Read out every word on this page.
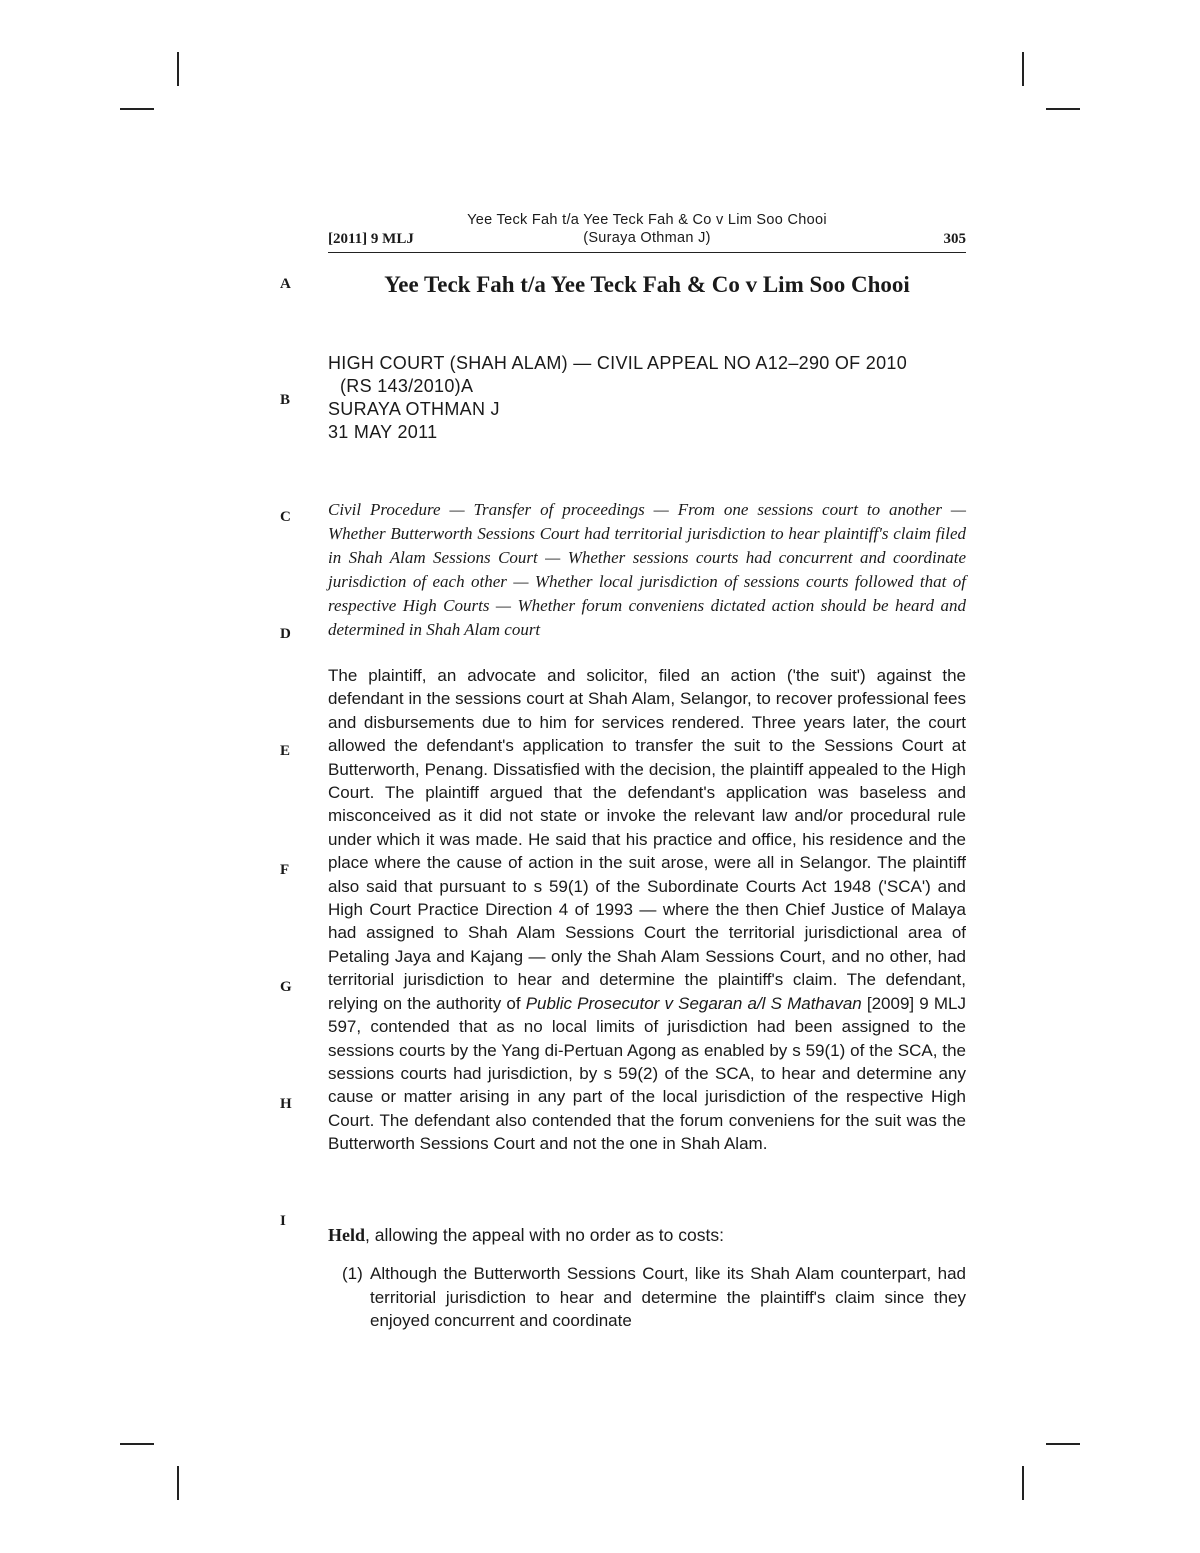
[2011] 9 MLJ
Yee Teck Fah t/a Yee Teck Fah & Co v Lim Soo Chooi
(Suraya Othman J)	305
A
B
C
D
E
F
G
H
I
Yee Teck Fah t/a Yee Teck Fah & Co v Lim Soo Chooi
HIGH COURT (SHAH ALAM) — CIVIL APPEAL NO A12–290 OF 2010
(RS 143/2010)A
SURAYA OTHMAN J
31 MAY 2011
Civil Procedure — Transfer of proceedings — From one sessions court to another — Whether Butterworth Sessions Court had territorial jurisdiction to hear plaintiff's claim filed in Shah Alam Sessions Court — Whether sessions courts had concurrent and coordinate jurisdiction of each other — Whether local jurisdiction of sessions courts followed that of respective High Courts — Whether forum conveniens dictated action should be heard and determined in Shah Alam court
The plaintiff, an advocate and solicitor, filed an action ('the suit') against the defendant in the sessions court at Shah Alam, Selangor, to recover professional fees and disbursements due to him for services rendered. Three years later, the court allowed the defendant's application to transfer the suit to the Sessions Court at Butterworth, Penang. Dissatisfied with the decision, the plaintiff appealed to the High Court. The plaintiff argued that the defendant's application was baseless and misconceived as it did not state or invoke the relevant law and/or procedural rule under which it was made. He said that his practice and office, his residence and the place where the cause of action in the suit arose, were all in Selangor. The plaintiff also said that pursuant to s 59(1) of the Subordinate Courts Act 1948 ('SCA') and High Court Practice Direction 4 of 1993 — where the then Chief Justice of Malaya had assigned to Shah Alam Sessions Court the territorial jurisdictional area of Petaling Jaya and Kajang — only the Shah Alam Sessions Court, and no other, had territorial jurisdiction to hear and determine the plaintiff's claim. The defendant, relying on the authority of Public Prosecutor v Segaran a/l S Mathavan [2009] 9 MLJ 597, contended that as no local limits of jurisdiction had been assigned to the sessions courts by the Yang di-Pertuan Agong as enabled by s 59(1) of the SCA, the sessions courts had jurisdiction, by s 59(2) of the SCA, to hear and determine any cause or matter arising in any part of the local jurisdiction of the respective High Court. The defendant also contended that the forum conveniens for the suit was the Butterworth Sessions Court and not the one in Shah Alam.
Held, allowing the appeal with no order as to costs:
(1) Although the Butterworth Sessions Court, like its Shah Alam counterpart, had territorial jurisdiction to hear and determine the plaintiff's claim since they enjoyed concurrent and coordinate
